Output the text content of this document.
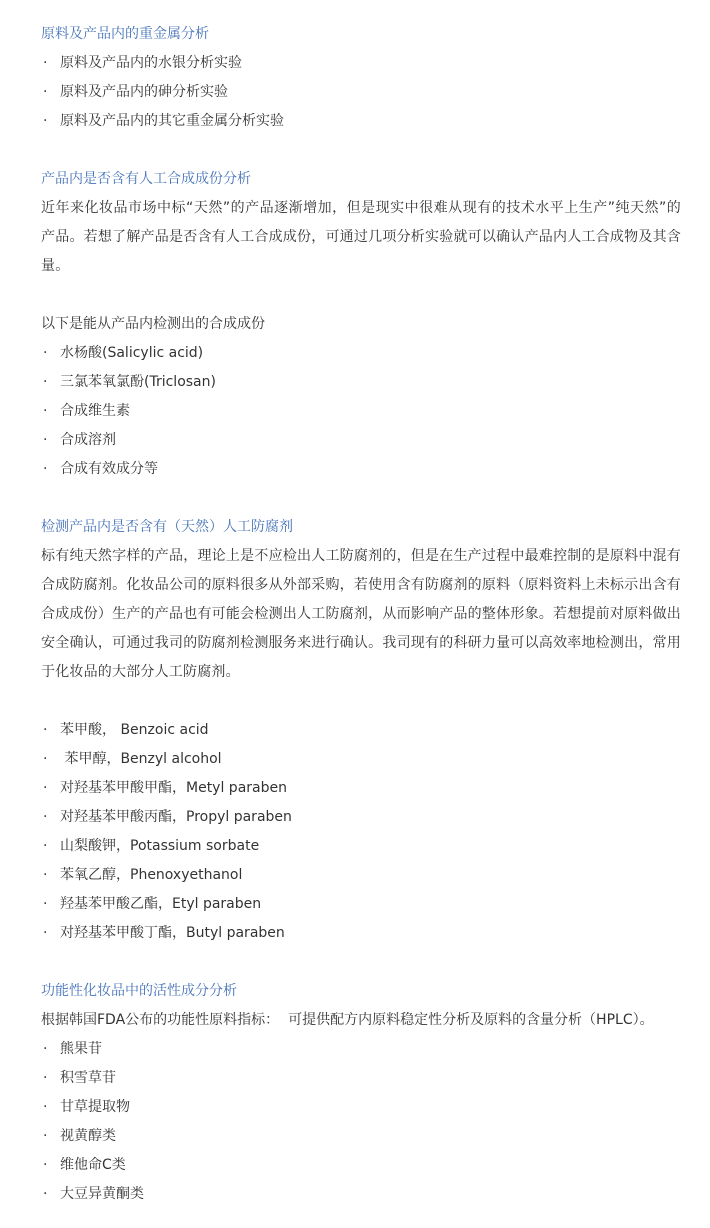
原料及产品内的重金属分析
· 原料及产品内的水银分析实验
· 原料及产品内的砷分析实验
· 原料及产品内的其它重金属分析实验
产品内是否含有人工合成成份分析
近年来化妆品市场中标“天然”的产品逐渐增加，但是现实中很难从现有的技术水平上生产”纯天然”的产品。若想了解产品是否含有人工合成成份，可通过几项分析实验就可以确认产品内人工合成物及其含量。
以下是能从产品内检测出的合成成份
· 水杨酸(Salicylic acid)
· 三氯苯氧氯酚(Triclosan)
· 合成维生素
· 合成溶剂
· 合成有效成分等
检测产品内是否含有（天然）人工防腐剂
标有纯天然字样的产品，理论上是不应检出人工防腐剂的，但是在生产过程中最难控制的是原料中混有合成防腐剂。化妆品公司的原料很多从外部采购，若使用含有防腐剂的原料（原料资料上未标示出含有合成成份）生产的产品也有可能会检测出人工防腐剂，从而影响产品的整体形象。若想提前对原料做出安全确认，可通过我司的防腐剂检测服务来进行确认。我司现有的科研力量可以高效率地检测出，常用于化妆品的大部分人工防腐剂。
· 苯甲酸， Benzoic acid
· 苯甲醇，Benzyl alcohol
· 对羟基苯甲酸甲酯，Metyl paraben
· 对羟基苯甲酸丙酯，Propyl paraben
· 山梨酸钾，Potassium sorbate
· 苯氧乙醇，Phenoxyethanol
· 羟基苯甲酸乙酯，Etyl paraben
· 对羟基苯甲酸丁酯，Butyl paraben
功能性化妆品中的活性成分分析
根据韩国FDA公布的功能性原料指标：  可提供配方内原料稳定性分析及原料的含量分析（HPLC）。
· 熊果苷
· 积雪草苷
· 甘草提取物
· 视黄醇类
· 维他命C类
· 大豆异黄酮类
